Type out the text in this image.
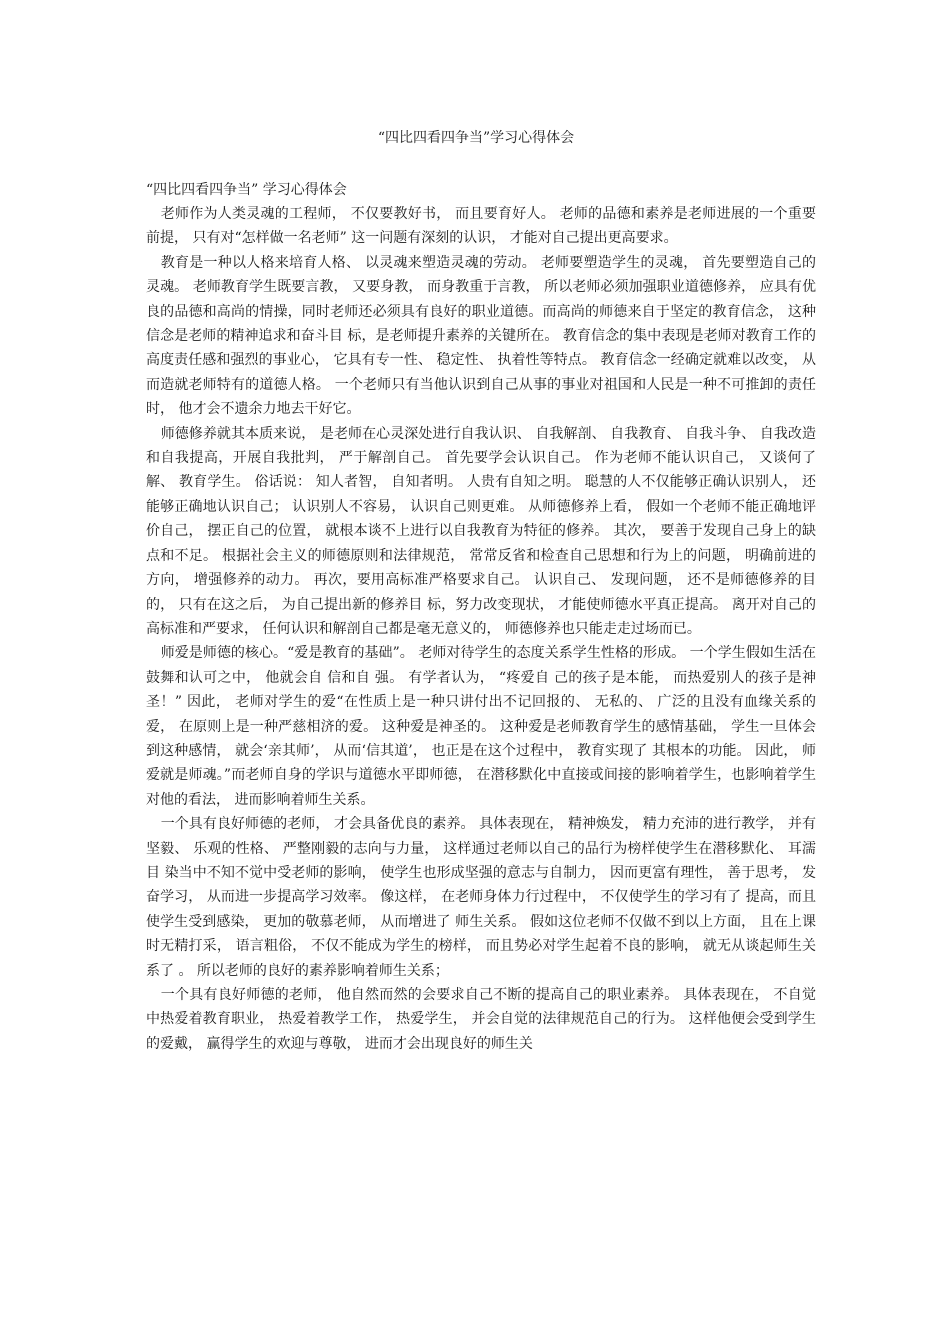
“四比四看四争当”学习心得体会

“四比四看四争当” 学习心得体会

老师作为人类灵魂的工程师， 不仅要教好书， 而且要育好人。 老师的品德和素养是老师进展的一个重要前提， 只有对“怎样做一名老师” 这一问题有深刻的认识， 才能对自己提出更高要求。

教育是一种以人格来培育人格、 以灵魂来塑造灵魂的劳动。 老师要塑造学生的灵魂， 首先要塑造自己的灵魂。 老师教育学生既要言教， 又要身教， 而身教重于言教， 所以老师必须加强职业道德修养， 应具有优良的品德和高尚的情操，同时老师还必须具有良好的职业道德。而高尚的师德来自于坚定的教育信念， 这种信念是老师的精神追求和奋斗目 标，是老师提升素养的关键所在。 教育信念的集中表现是老师对教育工作的高度责任感和强烈的事业心， 它具有专一性、 稳定性、 执着性等特点。 教育信念一经确定就难以改变， 从而造就老师特有的道德人格。 一个老师只有当他认识到自己从事的事业对祖国和人民是一种不可推卸的责任时， 他才会不遗余力地去干好它。

师德修养就其本质来说， 是老师在心灵深处进行自我认识、 自我解剖、 自我教育、 自我斗争、 自我改造和自我提高，开展自我批判， 严于解剖自己。 首先要学会认识自己。 作为老师不能认识自己， 又谈何了 解、 教育学生。 俗话说： 知人者智， 自知者明。 人贵有自知之明。 聪慧的人不仅能够正确认识别人， 还能够正确地认识自己； 认识别人不容易， 认识自己则更难。 从师德修养上看， 假如一个老师不能正确地评价自己， 摆正自己的位置， 就根本谈不上进行以自我教育为特征的修养。 其次， 要善于发现自己身上的缺点和不足。 根据社会主义的师德原则和法律规范， 常常反省和检查自己思想和行为上的问题， 明确前进的方向， 增强修养的动力。 再次，要用高标准严格要求自己。 认识自己、 发现问题， 还不是师德修养的目 的， 只有在这之后， 为自己提出新的修养目 标，努力改变现状， 才能使师德水平真正提高。 离开对自己的高标准和严要求， 任何认识和解剖自己都是毫无意义的， 师德修养也只能走走过场而已。

师爱是师德的核心。“爱是教育的基础”。 老师对待学生的态度关系学生性格的形成。 一个学生假如生活在鼓舞和认可之中， 他就会自 信和自 强。 有学者认为， “疼爱自 己的孩子是本能， 而热爱别人的孩子是神圣！” 因此， 老师对学生的爱“在性质上是一种只讲付出不记回报的、 无私的、 广泛的且没有血缘关系的爱， 在原则上是一种严慈相济的爱。 这种爱是神圣的。 这种爱是老师教育学生的感情基础， 学生一旦体会到这种感情， 就会‘亲其师’， 从而‘信其道’， 也正是在这个过程中， 教育实现了 其根本的功能。 因此， 师爱就是师魂。”而老师自身的学识与道德水平即师德， 在潜移默化中直接或间接的影响着学生，也影响着学生对他的看法， 进而影响着师生关系。

一个具有良好师德的老师， 才会具备优良的素养。 具体表现在， 精神焕发， 精力充沛的进行教学， 并有坚毅、 乐观的性格、 严整刚毅的志向与力量， 这样通过老师以自己的品行为榜样使学生在潜移默化、 耳濡目 染当中不知不觉中受老师的影响， 使学生也形成坚强的意志与自制力， 因而更富有理性， 善于思考， 发奋学习， 从而进一步提高学习效率。 像这样， 在老师身体力行过程中， 不仅使学生的学习有了 提高，而且使学生受到感染， 更加的敬慕老师， 从而增进了 师生关系。 假如这位老师不仅做不到以上方面， 且在上课时无精打采， 语言粗俗， 不仅不能成为学生的榜样， 而且势必对学生起着不良的影响， 就无从谈起师生关系了 。 所以老师的良好的素养影响着师生关系；

一个具有良好师德的老师， 他自然而然的会要求自己不断的提高自己的职业素养。 具体表现在， 不自觉中热爱着教育职业， 热爱着教学工作， 热爱学生， 并会自觉的法律规范自己的行为。 这样他便会受到学生的爱戴， 赢得学生的欢迎与尊敬， 进而才会出现良好的师生关
